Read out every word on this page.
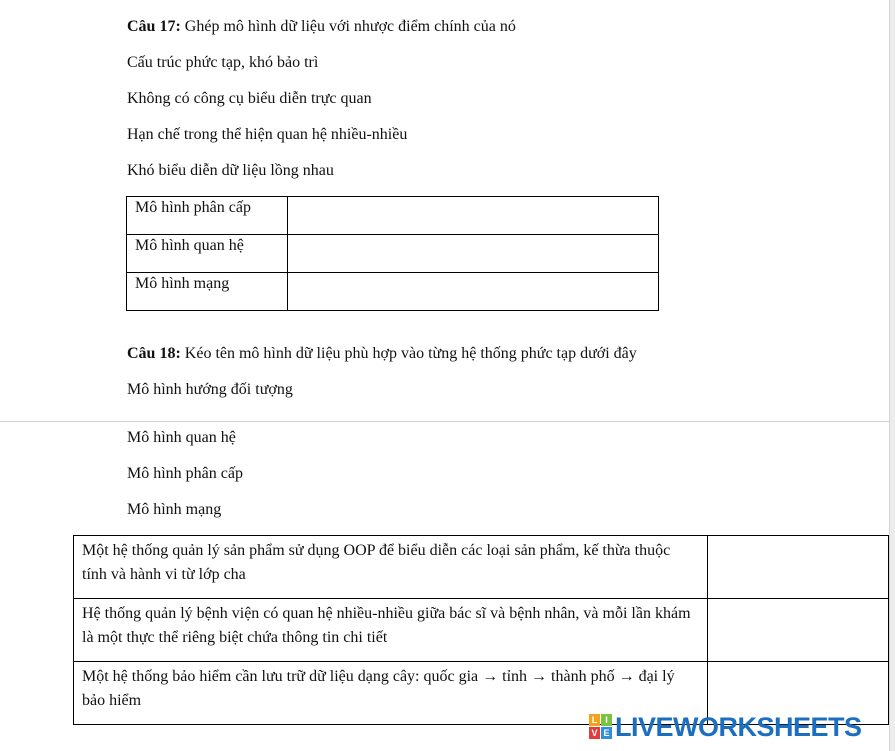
Câu 17: Ghép mô hình dữ liệu với nhược điểm chính của nó
Cấu trúc phức tạp, khó bảo trì
Không có công cụ biểu diễn trực quan
Hạn chế trong thể hiện quan hệ nhiều-nhiều
Khó biểu diễn dữ liệu lồng nhau
Mô hình phân cấp	
Mô hình quan hệ	
Mô hình mạng	
Câu 18: Kéo tên mô hình dữ liệu phù hợp vào từng hệ thống phức tạp dưới đây
Mô hình hướng đối tượng
Mô hình quan hệ
Mô hình phân cấp
Mô hình mạng
Một hệ thống quản lý sản phẩm sử dụng OOP để biểu diễn các loại sản phẩm, kế thừa thuộc tính và hành vi từ lớp cha	
Hệ thống quản lý bệnh viện có quan hệ nhiều-nhiều giữa bác sĩ và bệnh nhân, và mỗi lần khám là một thực thể riêng biệt chứa thông tin chi tiết	
Một hệ thống bảo hiểm cần lưu trữ dữ liệu dạng cây: quốc gia → tỉnh → thành phố → đại lý bảo hiểm	
L I
V E LIVEWORKSHEETS
